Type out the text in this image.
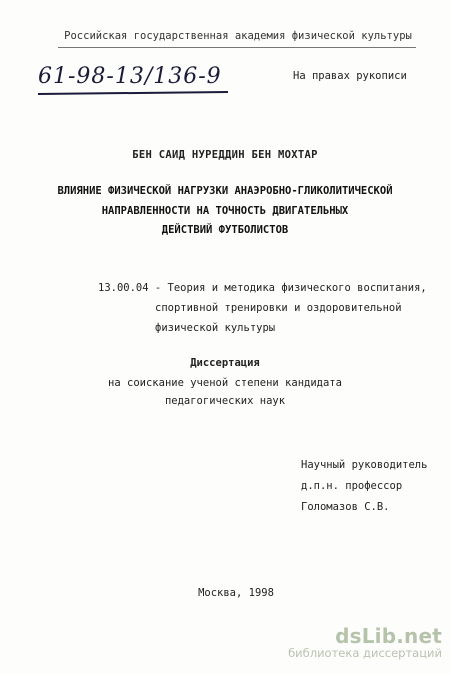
Российская государственная академия физической культуры
61-98-13/136-9	На правах рукописи
БЕН САИД НУРЕДДИН БЕН МОХТАР
ВЛИЯНИЕ ФИЗИЧЕСКОЙ НАГРУЗКИ АНАЭРОБНО-ГЛИКОЛИТИЧЕСКОЙ
НАПРАВЛЕННОСТИ НА ТОЧНОСТЬ ДВИГАТЕЛЬНЫХ
ДЕЙСТВИЙ ФУТБОЛИСТОВ
13.00.04 - Теория и методика физического воспитания,
спортивной тренировки и оздоровительной
физической культуры
Диссертация
на соискание ученой степени кандидата
педагогических наук
Научный руководитель
д.п.н. профессор
Голомазов С.В.
Москва, 1998
dsLib.net
библиотека диссертаций
